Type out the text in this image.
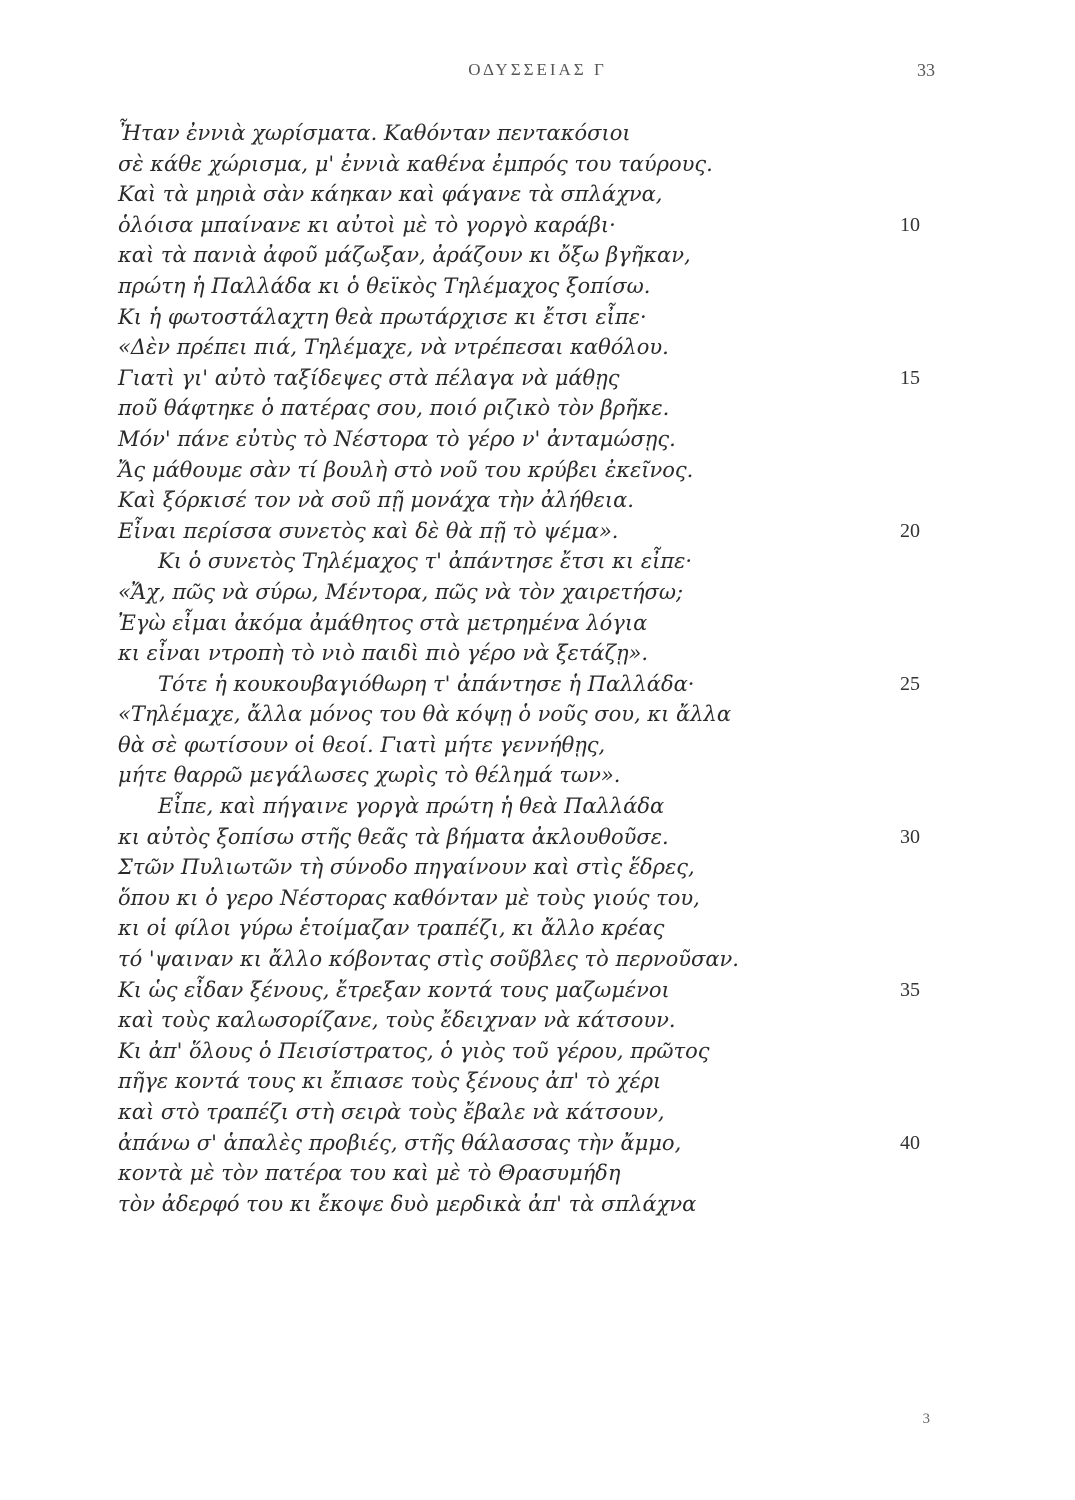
ΟΔΥΣΣΕΙΑΣ Γ	33
Ἦταν ἐννιὰ χωρίσματα. Καθόνταν πεντακόσιοι
σὲ κάθε χώρισμα, μ' ἐννιὰ καθένα ἐμπρός του ταύρους.
Καὶ τὰ μηριὰ σὰν κάηκαν καὶ φάγανε τὰ σπλάχνα,
ὁλόισα μπαίνανε κι αὐτοὶ μὲ τὸ γοργὸ καράβι·	10
καὶ τὰ πανιὰ ἀφοῦ μάζωξαν, ἀράζουν κι ὄξω βγῆκαν,
πρώτη ἡ Παλλάδα κι ὁ θεϊκὸς Τηλέμαχος ξοπίσω.
Κι ἡ φωτοστάλαχτη θεὰ πρωτάρχισε κι ἔτσι εἶπε·
«Δὲν πρέπει πιά, Τηλέμαχε, νὰ ντρέπεσαι καθόλου.
Γιατὶ γι' αὐτὸ ταξίδεψες στὰ πέλαγα νὰ μάθῃς	15
ποῦ θάφτηκε ὁ πατέρας σου, ποιό ριζικὸ τὸν βρῆκε.
Μόν' πάνε εὐτὺς τὸ Νέστορα τὸ γέρο ν' ἀνταμώσῃς.
Ἄς μάθουμε σὰν τί βουλὴ στὸ νοῦ του κρύβει ἐκεῖνος.
Καὶ ξόρκισέ τον νὰ σοῦ πῇ μονάχα τὴν ἀλήθεια.
Εἶναι περίσσα συνετὸς καὶ δὲ θὰ πῇ τὸ ψέμα».	20
Κι ὁ συνετὸς Τηλέμαχος τ' ἀπάντησε ἔτσι κι εἶπε·
«Ἄχ, πῶς νὰ σύρω, Μέντορα, πῶς νὰ τὸν χαιρετήσω;
Ἐγὼ εἶμαι ἀκόμα ἀμάθητος στὰ μετρημένα λόγια
κι εἶναι ντροπὴ τὸ νιὸ παιδὶ πιὸ γέρο νὰ ξετάζῃ».
Τότε ἡ κουκουβαγιόθωρη τ' ἀπάντησε ἡ Παλλάδα·	25
«Τηλέμαχε, ἄλλα μόνος του θὰ κόψῃ ὁ νοῦς σου, κι ἄλλα
θὰ σὲ φωτίσουν οἱ θεοί. Γιατὶ μήτε γεννήθῃς,
μήτε θαρρῶ μεγάλωσες χωρὶς τὸ θέλημά των».
Εἶπε, καὶ πήγαινε γοργὰ πρώτη ἡ θεὰ Παλλάδα
κι αὐτὸς ξοπίσω στῆς θεᾶς τὰ βήματα ἀκλουθοῦσε.	30
Στῶν Πυλιωτῶν τὴ σύνοδο πηγαίνουν καὶ στὶς ἕδρες,
ὅπου κι ὁ γερο Νέστορας καθόνταν μὲ τοὺς γιούς του,
κι οἱ φίλοι γύρω ἑτοίμαζαν τραπέζι, κι ἄλλο κρέας
τό 'ψαιναν κι ἄλλο κόβοντας στὶς σοῦβλες τὸ περνοῦσαν.
Κι ὡς εἶδαν ξένους, ἔτρεξαν κοντά τους μαζωμένοι	35
καὶ τοὺς καλωσορίζανε, τοὺς ἔδειχναν νὰ κάτσουν.
Κι ἀπ' ὅλους ὁ Πεισίστρατος, ὁ γιὸς τοῦ γέρου, πρῶτος
πῆγε κοντά τους κι ἔπιασε τοὺς ξένους ἀπ' τὸ χέρι
καὶ στὸ τραπέζι στὴ σειρὰ τοὺς ἔβαλε νὰ κάτσουν,
ἀπάνω σ' ἁπαλὲς προβιές, στῆς θάλασσας τὴν ἄμμο,	40
κοντὰ μὲ τὸν πατέρα του καὶ μὲ τὸ Θρασυμήδη
τὸν ἀδερφό του κι ἔκοψε δυὸ μερδικὰ ἀπ' τὰ σπλάχνα
3
